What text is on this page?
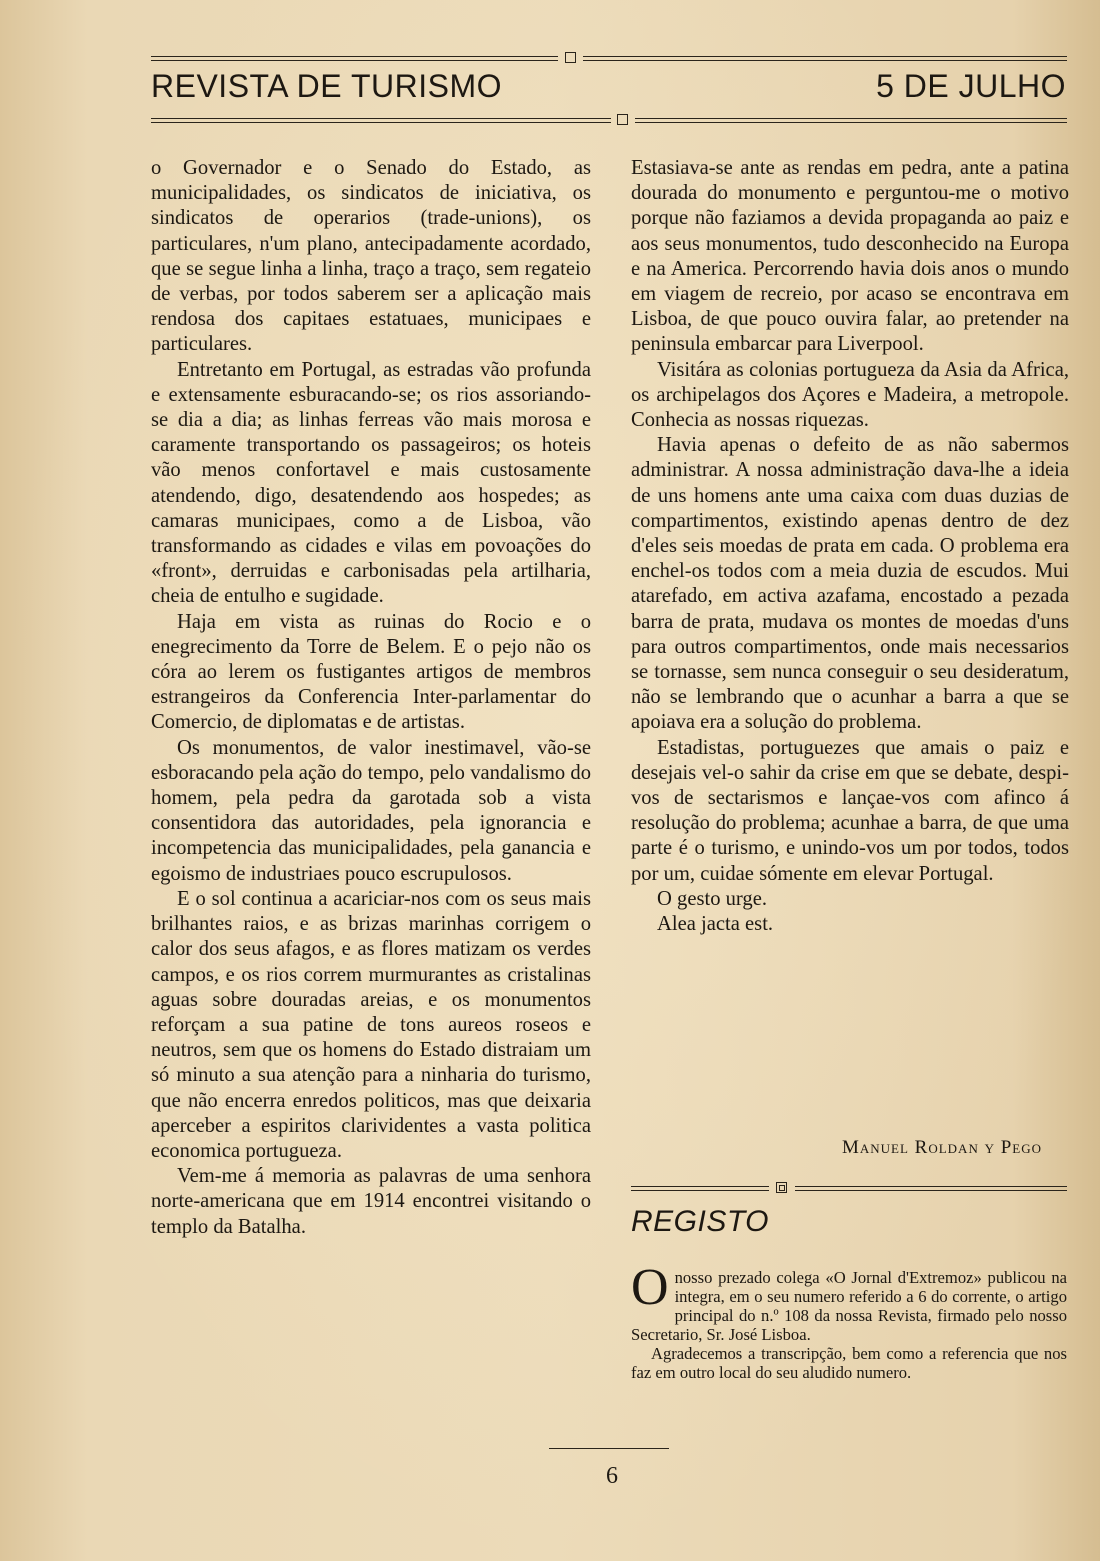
REVISTA DE TURISMO	5 DE JULHO

o Governador e o Senado do Estado, as municipalidades, os sindicatos de iniciativa, os sindicatos de operarios (trade-unions), os particulares, n'um plano, antecipadamente acordado, que se segue linha a linha, traço a traço, sem regateio de verbas, por todos saberem ser a aplicação mais rendosa dos capitaes estatuaes, municipaes e particulares.

Entretanto em Portugal, as estradas vão profunda e extensamente esburacando-se; os rios assoriando-se dia a dia; as linhas ferreas vão mais morosa e caramente transportando os passageiros; os hoteis vão menos confortavel e mais custosamente atendendo, digo, desatendendo aos hospedes; as camaras municipaes, como a de Lisboa, vão transformando as cidades e vilas em povoações do «front», derruidas e carbonisadas pela artilharia, cheia de entulho e sugidade.

Haja em vista as ruinas do Rocio e o enegrecimento da Torre de Belem. E o pejo não os córa ao lerem os fustigantes artigos de membros estrangeiros da Conferencia Inter-parlamentar do Comercio, de diplomatas e de artistas.

Os monumentos, de valor inestimavel, vão-se esboracando pela ação do tempo, pelo vandalismo do homem, pela pedra da garotada sob a vista consentidora das autoridades, pela ignorancia e incompetencia das municipalidades, pela ganancia e egoismo de industriaes pouco escrupulosos.

E o sol continua a acariciar-nos com os seus mais brilhantes raios, e as brizas marinhas corrigem o calor dos seus afagos, e as flores matizam os verdes campos, e os rios correm murmurantes as cristalinas aguas sobre douradas areias, e os monumentos reforçam a sua patine de tons aureos roseos e neutros, sem que os homens do Estado distraiam um só minuto a sua atenção para a ninharia do turismo, que não encerra enredos politicos, mas que deixaria aperceber a espiritos clarividentes a vasta politica economica portugueza.

Vem-me á memoria as palavras de uma senhora norte-americana que em 1914 encontrei visitando o templo da Batalha.

Estasiava-se ante as rendas em pedra, ante a patina dourada do monumento e perguntou-me o motivo porque não faziamos a devida propaganda ao paiz e aos seus monumentos, tudo desconhecido na Europa e na America. Percorrendo havia dois anos o mundo em viagem de recreio, por acaso se encontrava em Lisboa, de que pouco ouvira falar, ao pretender na peninsula embarcar para Liverpool.

Visitára as colonias portugueza da Asia da Africa, os archipelagos dos Açores e Madeira, a metropole. Conhecia as nossas riquezas.

Havia apenas o defeito de as não sabermos administrar. A nossa administração dava-lhe a ideia de uns homens ante uma caixa com duas duzias de compartimentos, existindo apenas dentro de dez d'eles seis moedas de prata em cada. O problema era enchel-os todos com a meia duzia de escudos. Mui atarefado, em activa azafama, encostado a pezada barra de prata, mudava os montes de moedas d'uns para outros compartimentos, onde mais necessarios se tornasse, sem nunca conseguir o seu desideratum, não se lembrando que o acunhar a barra a que se apoiava era a solução do problema.

Estadistas, portuguezes que amais o paiz e desejais vel-o sahir da crise em que se debate, despi-vos de sectarismos e lançae-vos com afinco á resolução do problema; acunhae a barra, de que uma parte é o turismo, e unindo-vos um por todos, todos por um, cuidae sómente em elevar Portugal.

O gesto urge.

Alea jacta est.

Manuel Roldan y Pego
REGISTO

Onosso prezado colega «O Jornal d'Extremoz» publicou na integra, em o seu numero referido a 6 do corrente, o artigo principal do n.º 108 da nossa Revista, firmado pelo nosso Secretario, Sr. José Lisboa.

Agradecemos a transcripção, bem como a referencia que nos faz em outro local do seu aludido numero.

6
